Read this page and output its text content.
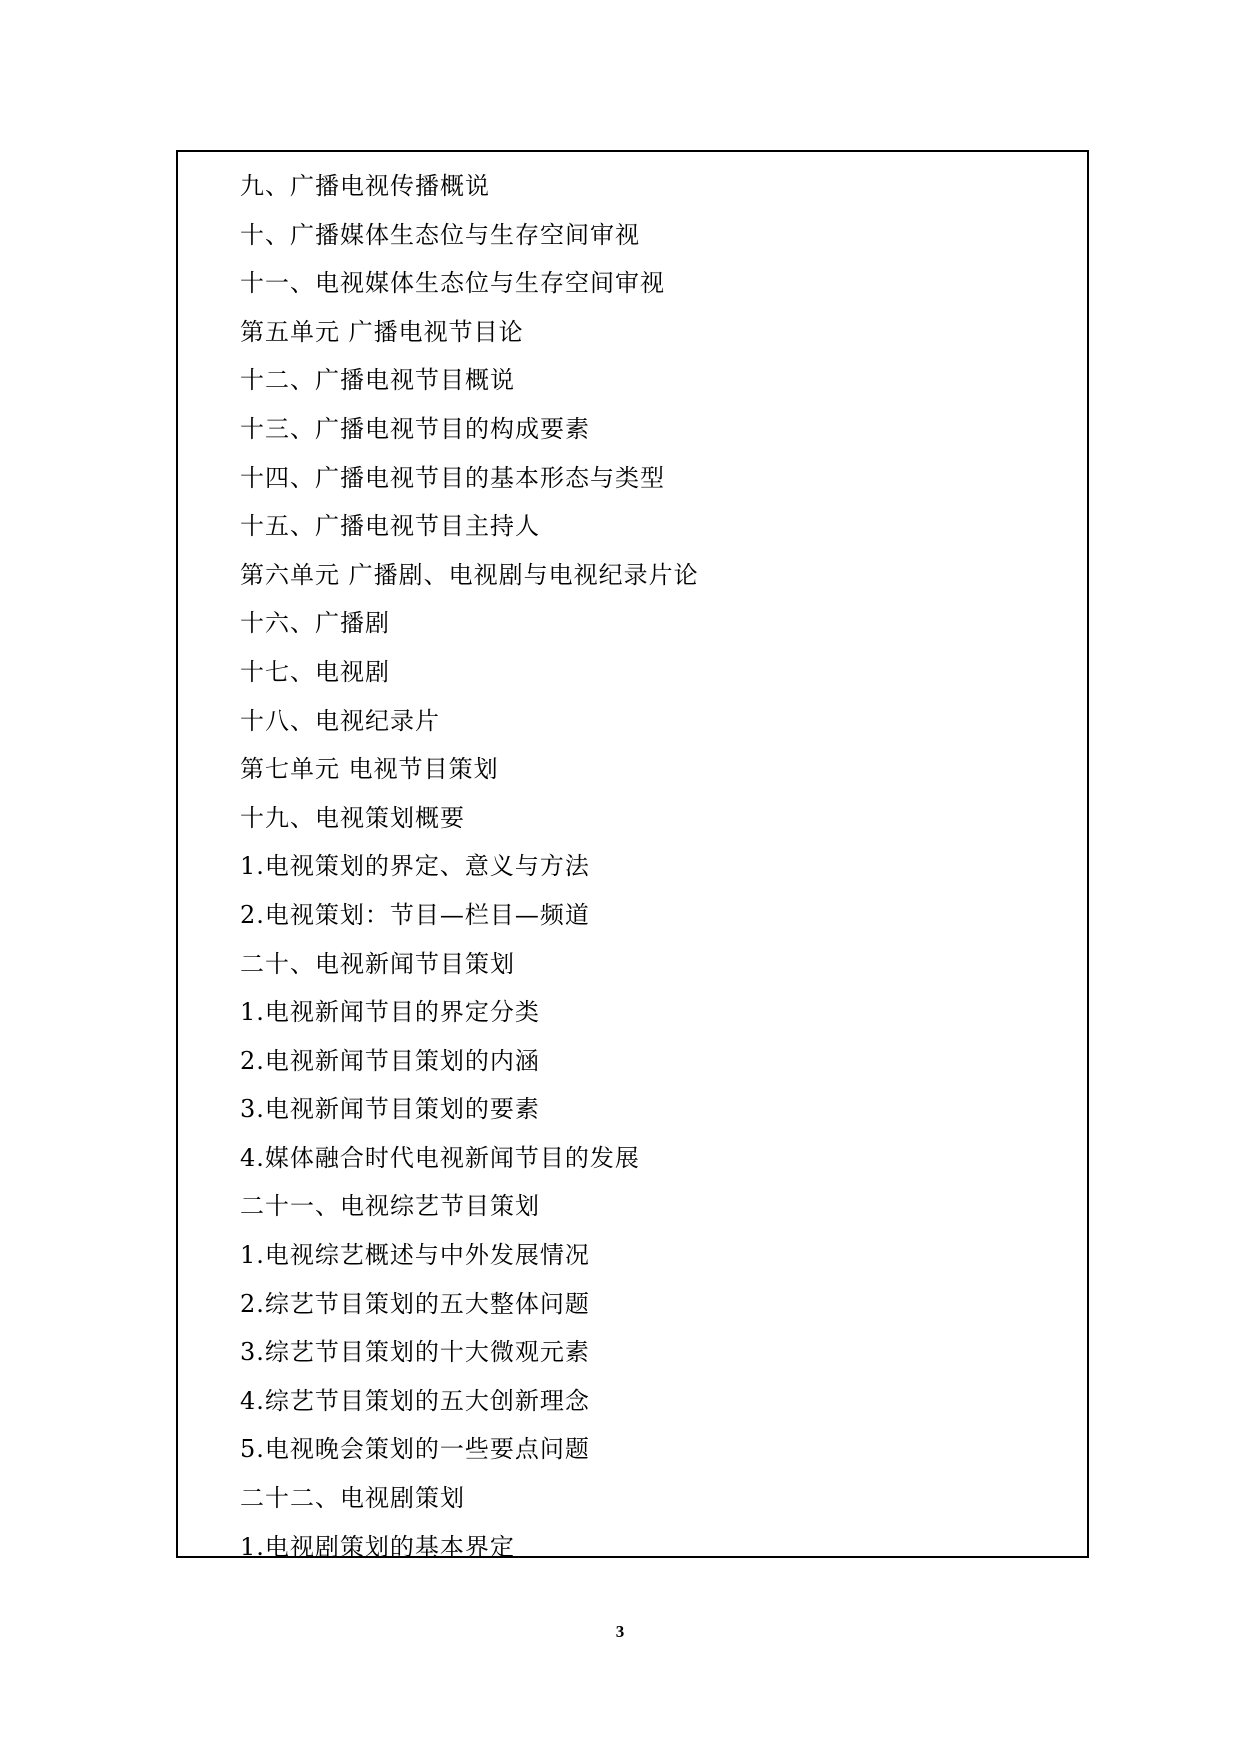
九、广播电视传播概说
十、广播媒体生态位与生存空间审视
十一、电视媒体生态位与生存空间审视
第五单元 广播电视节目论
十二、广播电视节目概说
十三、广播电视节目的构成要素
十四、广播电视节目的基本形态与类型
十五、广播电视节目主持人
第六单元 广播剧、电视剧与电视纪录片论
十六、广播剧
十七、电视剧
十八、电视纪录片
第七单元 电视节目策划
十九、电视策划概要
1.电视策划的界定、意义与方法
2.电视策划：节目—栏目—频道
二十、电视新闻节目策划
1.电视新闻节目的界定分类
2.电视新闻节目策划的内涵
3.电视新闻节目策划的要素
4.媒体融合时代电视新闻节目的发展
二十一、电视综艺节目策划
1.电视综艺概述与中外发展情况
2.综艺节目策划的五大整体问题
3.综艺节目策划的十大微观元素
4.综艺节目策划的五大创新理念
5.电视晚会策划的一些要点问题
二十二、电视剧策划
1.电视剧策划的基本界定
3
